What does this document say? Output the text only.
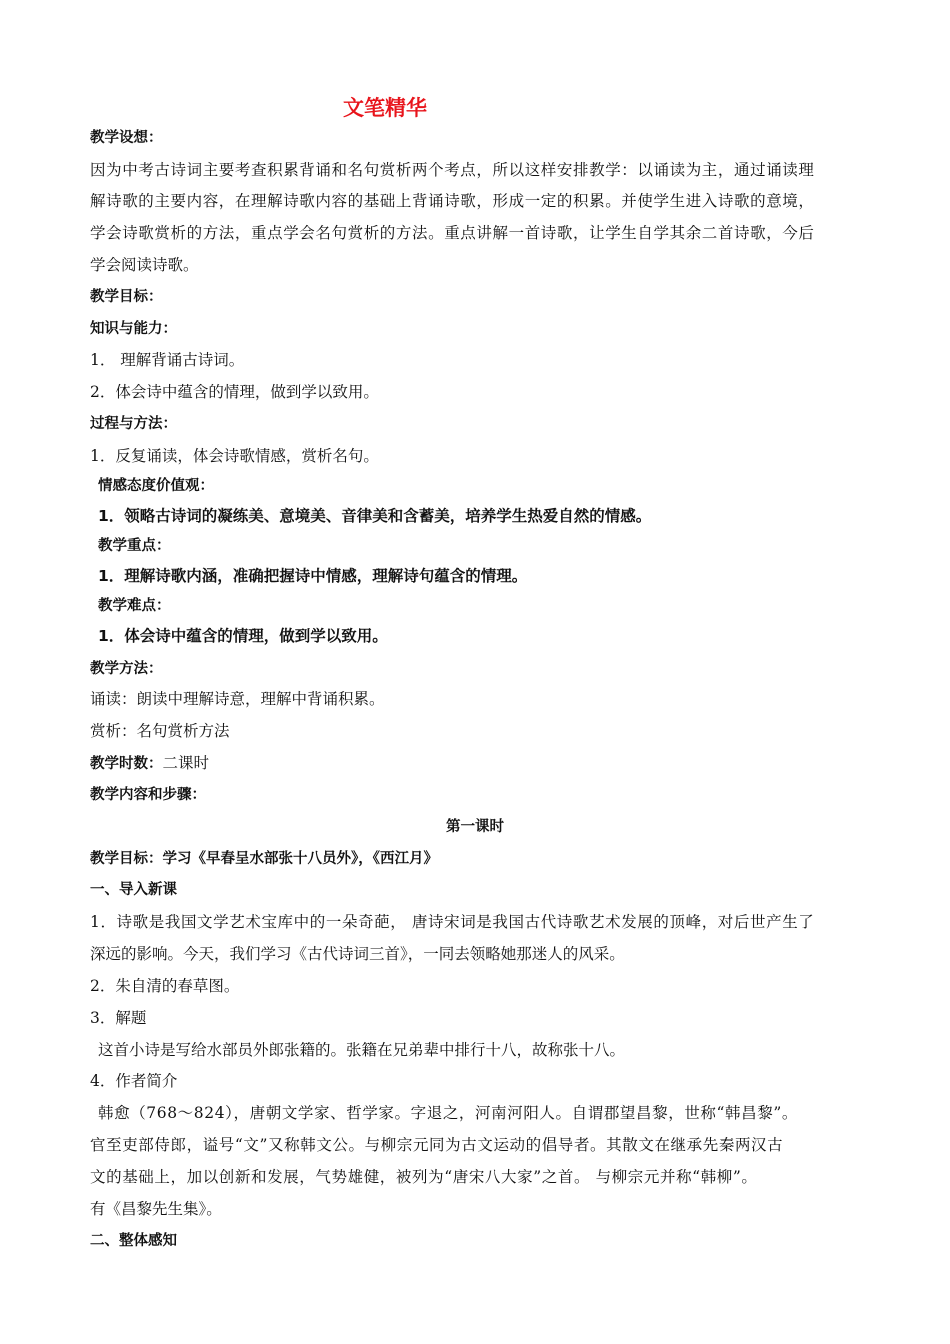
文笔精华
教学设想：
因为中考古诗词主要考查积累背诵和名句赏析两个考点，所以这样安排教学：以诵读为主，通过诵读理
解诗歌的主要内容，在理解诗歌内容的基础上背诵诗歌，形成一定的积累。并使学生进入诗歌的意境，
学会诗歌赏析的方法，重点学会名句赏析的方法。重点讲解一首诗歌，让学生自学其余二首诗歌，今后
学会阅读诗歌。
教学目标：
知识与能力：
1． 理解背诵古诗词。
2．体会诗中蕴含的情理，做到学以致用。
过程与方法：
1．反复诵读，体会诗歌情感，赏析名句。
情感态度价值观：
1．领略古诗词的凝练美、意境美、音律美和含蓄美，培养学生热爱自然的情感。
教学重点：
1．理解诗歌内涵，准确把握诗中情感，理解诗句蕴含的情理。
教学难点：
1．体会诗中蕴含的情理，做到学以致用。
教学方法：
诵读：朗读中理解诗意，理解中背诵积累。
赏析：名句赏析方法
教学时数：二课时
教学内容和步骤：
第一课时
教学目标：学习《早春呈水部张十八员外》，《西江月》
一、导入新课
1．诗歌是我国文学艺术宝库中的一朵奇葩， 唐诗宋词是我国古代诗歌艺术发展的顶峰，对后世产生了
深远的影响。今天，我们学习《古代诗词三首》，一同去领略她那迷人的风采。
2．朱自清的春草图。
3．解题
这首小诗是写给水部员外郎张籍的。张籍在兄弟辈中排行十八，故称张十八。
4．作者简介
韩愈（768～824），唐朝文学家、哲学家。字退之，河南河阳人。自谓郡望昌黎，世称“韩昌黎”。
官至吏部侍郎，谥号“文”又称韩文公。与柳宗元同为古文运动的倡导者。其散文在继承先秦两汉古
文的基础上，加以创新和发展，气势雄健，被列为“唐宋八大家”之首。 与柳宗元并称“韩柳”。
有《昌黎先生集》。
二、整体感知
